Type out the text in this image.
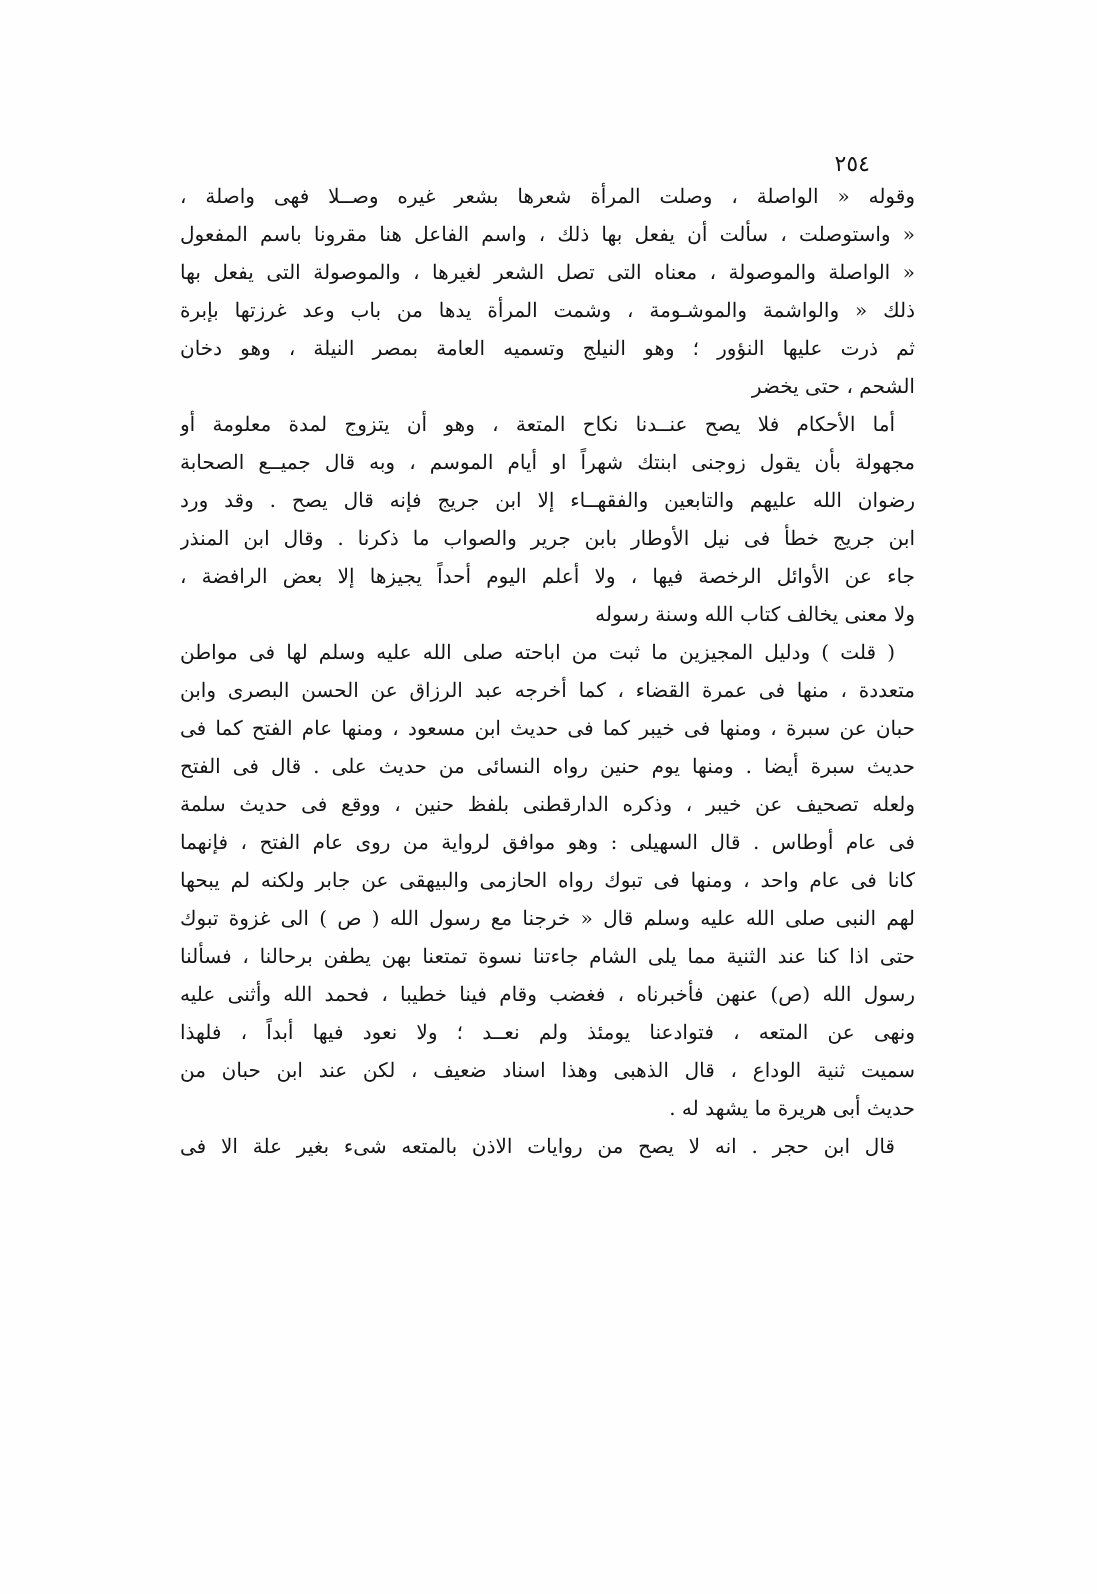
٢٥٤
وقوله « الواصلة ، وصلت المرأة شعرها بشعر غيره وصــلا فهى واصلة ،
« واستوصلت ، سألت أن يفعل بها ذلك ، واسم الفاعل هنا مقرونا باسم المفعول
« الواصلة والموصولة ، معناه التى تصل الشعر لغيرها ، والموصولة التى يفعل بها
ذلك « والواشمة والموشـومة ، وشمت المرأة يدها من باب وعد غرزتها بإبرة
ثم ذرت عليها النؤور ؛ وهو النيلج وتسميه العامة بمصر النيلة ، وهو دخان
الشحم ، حتى يخضر
أما الأحكام فلا يصح عنــدنا نكاح المتعة ، وهو أن يتزوج لمدة معلومة أو
مجهولة بأن يقول زوجنى ابنتك شهراً او أيام الموسم ، وبه قال جميــع الصحابة
رضوان الله عليهم والتابعين والفقهــاء إلا ابن جريج فإنه قال يصح . وقد ورد
ابن جريج خطأ فى نيل الأوطار بابن جرير والصواب ما ذكرنا . وقال ابن المنذر
جاء عن الأوائل الرخصة فيها ، ولا أعلم اليوم أحداً يجيزها إلا بعض الرافضة ،
ولا معنى يخالف كتاب الله وسنة رسوله
( قلت ) ودليل المجيزين ما ثبت من اباحته صلى الله عليه وسلم لها فى مواطن
متعددة ، منها فى عمرة القضاء ، كما أخرجه عبد الرزاق عن الحسن البصرى وابن
حبان عن سبرة ، ومنها فى خيبر كما فى حديث ابن مسعود ، ومنها عام الفتح كما فى
حديث سبرة أيضا . ومنها يوم حنين رواه النسائى من حديث على . قال فى الفتح
ولعله تصحيف عن خيبر ، وذكره الدارقطنى بلفظ حنين ، ووقع فى حديث سلمة
فى عام أوطاس . قال السهيلى : وهو موافق لرواية من روى عام الفتح ، فإنهما
كانا فى عام واحد ، ومنها فى تبوك رواه الحازمى والبيهقى عن جابر ولكنه لم يبحها
لهم النبى صلى الله عليه وسلم قال « خرجنا مع رسول الله ( ص ) الى غزوة تبوك
حتى اذا كنا عند الثنية مما يلى الشام جاءتنا نسوة تمتعنا بهن يطفن برحالنا ، فسألنا
رسول الله (ص) عنهن فأخبرناه ، فغضب وقام فينا خطيبا ، فحمد الله وأثنى عليه
ونهى عن المتعه ، فتوادعنا يومئذ ولم نعــد ؛ ولا نعود فيها أبداً ، فلهذا
سميت ثنية الوداع ، قال الذهبى وهذا اسناد ضعيف ، لكن عند ابن حبان من
حديث أبى هريرة ما يشهد له .
قال ابن حجر . انه لا يصح من روايات الاذن بالمتعه شىء بغير علة الا فى
